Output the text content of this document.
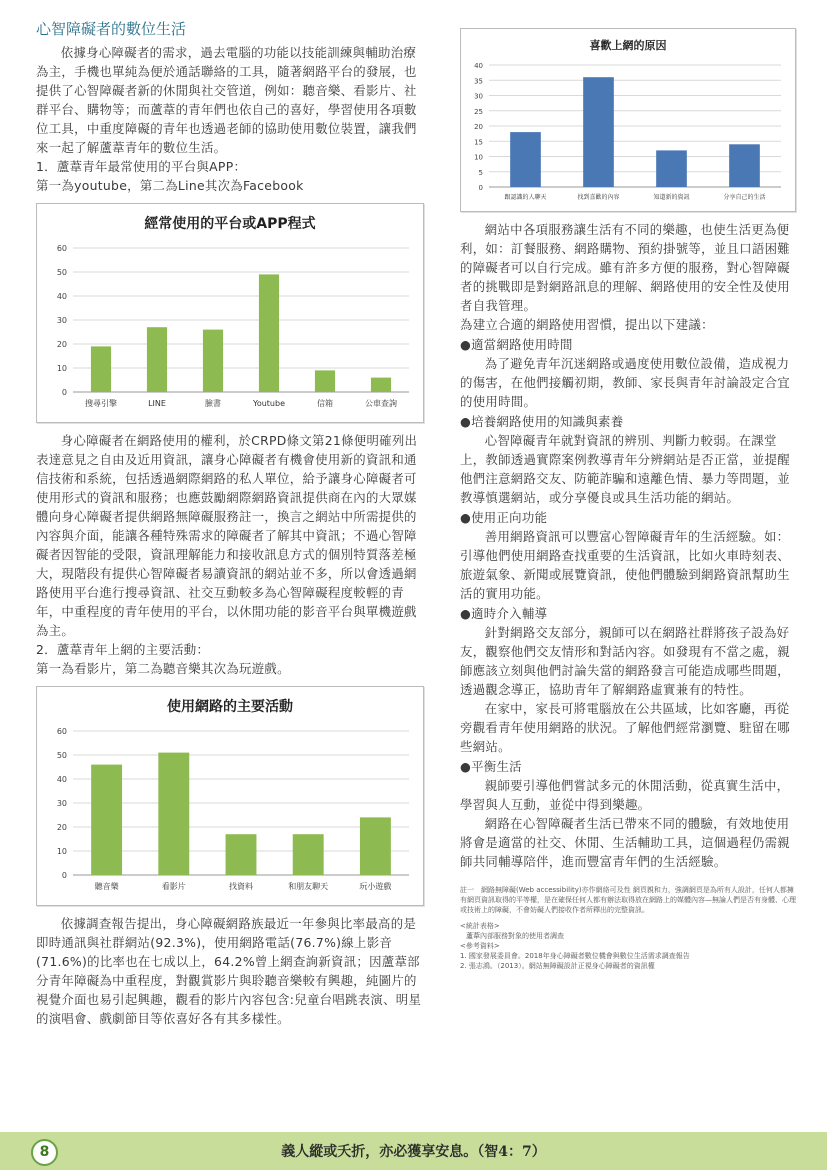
心智障礙者的數位生活

依據身心障礙者的需求，過去電腦的功能以技能訓練與輔助治療為主，手機也單純為便於通話聯絡的工具，隨著網路平台的發展，也提供了心智障礙者新的休閒與社交管道，例如：聽音樂、看影片、社群平台、購物等；而蘆葦的青年們也依自己的喜好，學習使用各項數位工具，中重度障礙的青年也透過老師的協助使用數位裝置，讓我們來一起了解蘆葦青年的數位生活。

1．蘆葦青年最常使用的平台與APP：

第一為youtube，第二為Line其次為Facebook

經常使用的平台或APP程式
0
10
20
30
40
50
60
搜尋引擎	LINE	臉書	Youtube	信箱	公車查詢

身心障礙者在網路使用的權利，於CRPD條文第21條便明確列出表達意見之自由及近用資訊，讓身心障礙者有機會使用新的資訊和通信技術和系統，包括透過網際網路的私人單位，給予讓身心障礙者可使用形式的資訊和服務；也應鼓勵網際網路資訊提供商在內的大眾媒體向身心障礙者提供網路無障礙服務註一，換言之網站中所需提供的內容與介面，能讓各種特殊需求的障礙者了解其中資訊；不過心智障礙者因智能的受限，資訊理解能力和接收訊息方式的個別特質落差極大，現階段有提供心智障礙者易讀資訊的網站並不多，所以會透過網路使用平台進行搜尋資訊、社交互動較多為心智障礙程度較輕的青年，中重程度的青年使用的平台，以休閒功能的影音平台與單機遊戲為主。

2．蘆葦青年上網的主要活動：

第一為看影片，第二為聽音樂其次為玩遊戲。

使用網路的主要活動
0
10
20
30
40
50
60
聽音樂	看影片	找資料	和朋友聊天	玩小遊戲

依據調查報告提出，身心障礙網路族最近一年參與比率最高的是即時通訊與社群網站(92.3%)，使用網路電話(76.7%)線上影音(71.6%)的比率也在七成以上，64.2%曾上網查詢新資訊；因蘆葦部分青年障礙為中重程度，對觀賞影片與聆聽音樂較有興趣，純圖片的視覺介面也易引起興趣，觀看的影片內容包含:兒童台唱跳表演、明星的演唱會、戲劇節目等依喜好各有其多樣性。

喜歡上網的原因
0
5
10
15
20
25
30
35
40
跟認識的人聊天	找到喜歡的內容	知道新的資訊	分享自己的生活

網站中各項服務讓生活有不同的樂趣，也使生活更為便利，如：訂餐服務、網路購物、預約掛號等，並且口語困難的障礙者可以自行完成。雖有許多方便的服務，對心智障礙者的挑戰即是對網路訊息的理解、網路使用的安全性及使用者自我管理。

為建立合適的網路使用習慣，提出以下建議：

●適當網路使用時間

為了避免青年沉迷網路或過度使用數位設備，造成視力的傷害，在他們接觸初期，教師、家長與青年討論設定合宜的使用時間。

●培養網路使用的知識與素養

心智障礙青年就對資訊的辨別、判斷力較弱。在課堂上，教師透過實際案例教導青年分辨網站是否正當，並提醒他們注意網路交友、防範詐騙和遠離色情、暴力等問題，並教導慎選網站，或分享優良或具生活功能的網站。

●使用正向功能

善用網路資訊可以豐富心智障礙青年的生活經驗。如：引導他們使用網路查找重要的生活資訊，比如火車時刻表、旅遊氣象、新聞或展覽資訊，使他們體驗到網路資訊幫助生活的實用功能。

●適時介入輔導

針對網路交友部分，親師可以在網路社群將孩子設為好友，觀察他們交友情形和對話內容。如發現有不當之處，親師應該立刻與他們討論失當的網路發言可能造成哪些問題，透過觀念導正，協助青年了解網路虛實兼有的特性。

在家中，家長可將電腦放在公共區域，比如客廳，再從旁觀看青年使用網路的狀況。了解他們經常瀏覽、駐留在哪些網站。

●平衡生活

親師要引導他們嘗試多元的休閒活動，從真實生活中，學習與人互動，並從中得到樂趣。

網路在心智障礙者生活已帶來不同的體驗，有效地使用將會是適當的社交、休閒、生活輔助工具，這個過程仍需親師共同輔導陪伴，進而豐富青年們的生活經驗。

註一　網路無障礙(Web accessibility)亦作網絡可及性 網頁親和力，強調網頁是為所有人設計，任何人都擁有網頁資訊取得的平等權，是在確保任何人都有辦法取得放在網路上的媒體內容—無論人們是否有身體、心理或技術上的障礙，不會妨礙人們接收作者所釋出的完整資訊。
<統計表格>
蘆葦內部服務對象的使用者調查
<參考資料>
1. 國家發展委員會。2018年身心障礙者數位機會與數位生活需求調查報告
2. 張志鴻。（2013）。網站無障礙設計正視身心障礙者的資訊權
8	義人縱或夭折，亦必獲享安息。（智4：7）
